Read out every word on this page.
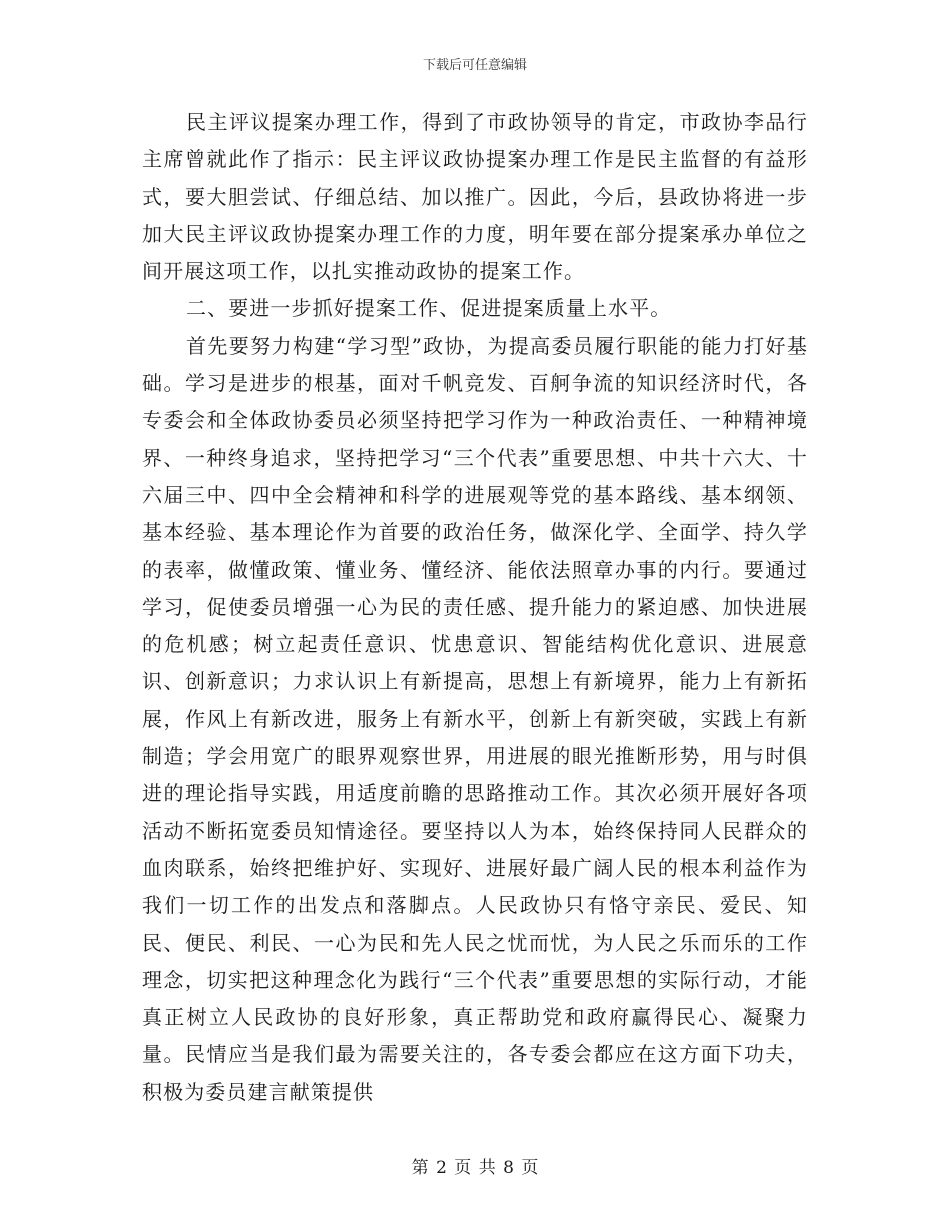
下载后可任意编辑

民主评议提案办理工作，得到了市政协领导的肯定，市政协李品行主席曾就此作了指示：民主评议政协提案办理工作是民主监督的有益形式，要大胆尝试、仔细总结、加以推广。因此，今后，县政协将进一步加大民主评议政协提案办理工作的力度，明年要在部分提案承办单位之间开展这项工作，以扎实推动政协的提案工作。

二、要进一步抓好提案工作、促进提案质量上水平。

首先要努力构建“学习型”政协，为提高委员履行职能的能力打好基础。学习是进步的根基，面对千帆竞发、百舸争流的知识经济时代，各专委会和全体政协委员必须坚持把学习作为一种政治责任、一种精神境界、一种终身追求，坚持把学习“三个代表”重要思想、中共十六大、十六届三中、四中全会精神和科学的进展观等党的基本路线、基本纲领、基本经验、基本理论作为首要的政治任务，做深化学、全面学、持久学的表率，做懂政策、懂业务、懂经济、能依法照章办事的内行。要通过学习，促使委员增强一心为民的责任感、提升能力的紧迫感、加快进展的危机感；树立起责任意识、忧患意识、智能结构优化意识、进展意识、创新意识；力求认识上有新提高，思想上有新境界，能力上有新拓展，作风上有新改进，服务上有新水平，创新上有新突破，实践上有新制造；学会用宽广的眼界观察世界，用进展的眼光推断形势，用与时俱进的理论指导实践，用适度前瞻的思路推动工作。其次必须开展好各项活动不断拓宽委员知情途径。要坚持以人为本，始终保持同人民群众的血肉联系，始终把维护好、实现好、进展好最广阔人民的根本利益作为我们一切工作的出发点和落脚点。人民政协只有恪守亲民、爱民、知民、便民、利民、一心为民和先人民之忧而忧，为人民之乐而乐的工作理念，切实把这种理念化为践行“三个代表”重要思想的实际行动，才能真正树立人民政协的良好形象，真正帮助党和政府赢得民心、凝聚力量。民情应当是我们最为需要关注的，各专委会都应在这方面下功夫，积极为委员建言献策提供

第 2 页 共 8 页
